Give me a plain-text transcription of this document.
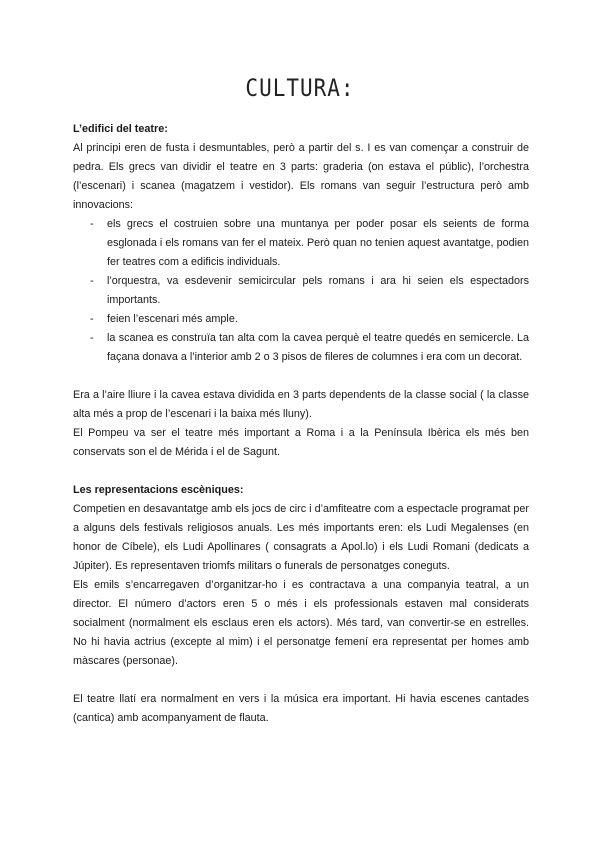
CULTURA:

L’edifici del teatre:

Al principi eren de fusta i desmuntables, però a partir del s. I es van començar a construir de pedra. Els grecs van dividir el teatre en 3 parts: graderia (on estava el públic), l’orchestra (l’escenari) i scanea (magatzem i vestidor). Els romans van seguir l’estructura però amb innovacions:

- els grecs el costruien sobre una muntanya per poder posar els seients de forma esglonada i els romans van fer el mateix. Però quan no tenien aquest avantatge, podien fer teatres com a edificis individuals.
- l’orquestra, va esdevenir semicircular pels romans i ara hi seien els espectadors importants.
- feien l’escenari més ample.
- la scanea es construïa tan alta com la cavea perquè el teatre quedés en semicercle. La façana donava a l’interior amb 2 o 3 pisos de fileres de columnes i era com un decorat.

Era a l’aire lliure i la cavea estava dividida en 3 parts dependents de la classe social ( la classe alta més a prop de l’escenari i la baixa més lluny).

El Pompeu va ser el teatre més important a Roma i a la Península Ibèrica els més ben conservats son el de Mérida i el de Sagunt.

Les representacions escèniques:

Competien en desavantatge amb els jocs de circ i d’amfiteatre com a espectacle programat per a alguns dels festivals religiosos anuals. Les més importants eren: els Ludi Megalenses (en honor de Cíbele), els Ludi Apollinares ( consagrats a Apol.lo) i els Ludi Romani (dedicats a Júpiter). Es representaven triomfs militars o funerals de personatges coneguts.

Els emils s’encarregaven d’organitzar-ho i es contractava a una companyia teatral, a un director. El número d’actors eren 5 o més i els professionals estaven mal considerats socialment (normalment els esclaus eren els actors). Més tard, van convertir-se en estrelles. No hi havia actrius (excepte al mim) i el personatge femení era representat per homes amb màscares (personae).

El teatre llatí era normalment en vers i la música era important. Hi havia escenes cantades (cantica) amb acompanyament de flauta.
